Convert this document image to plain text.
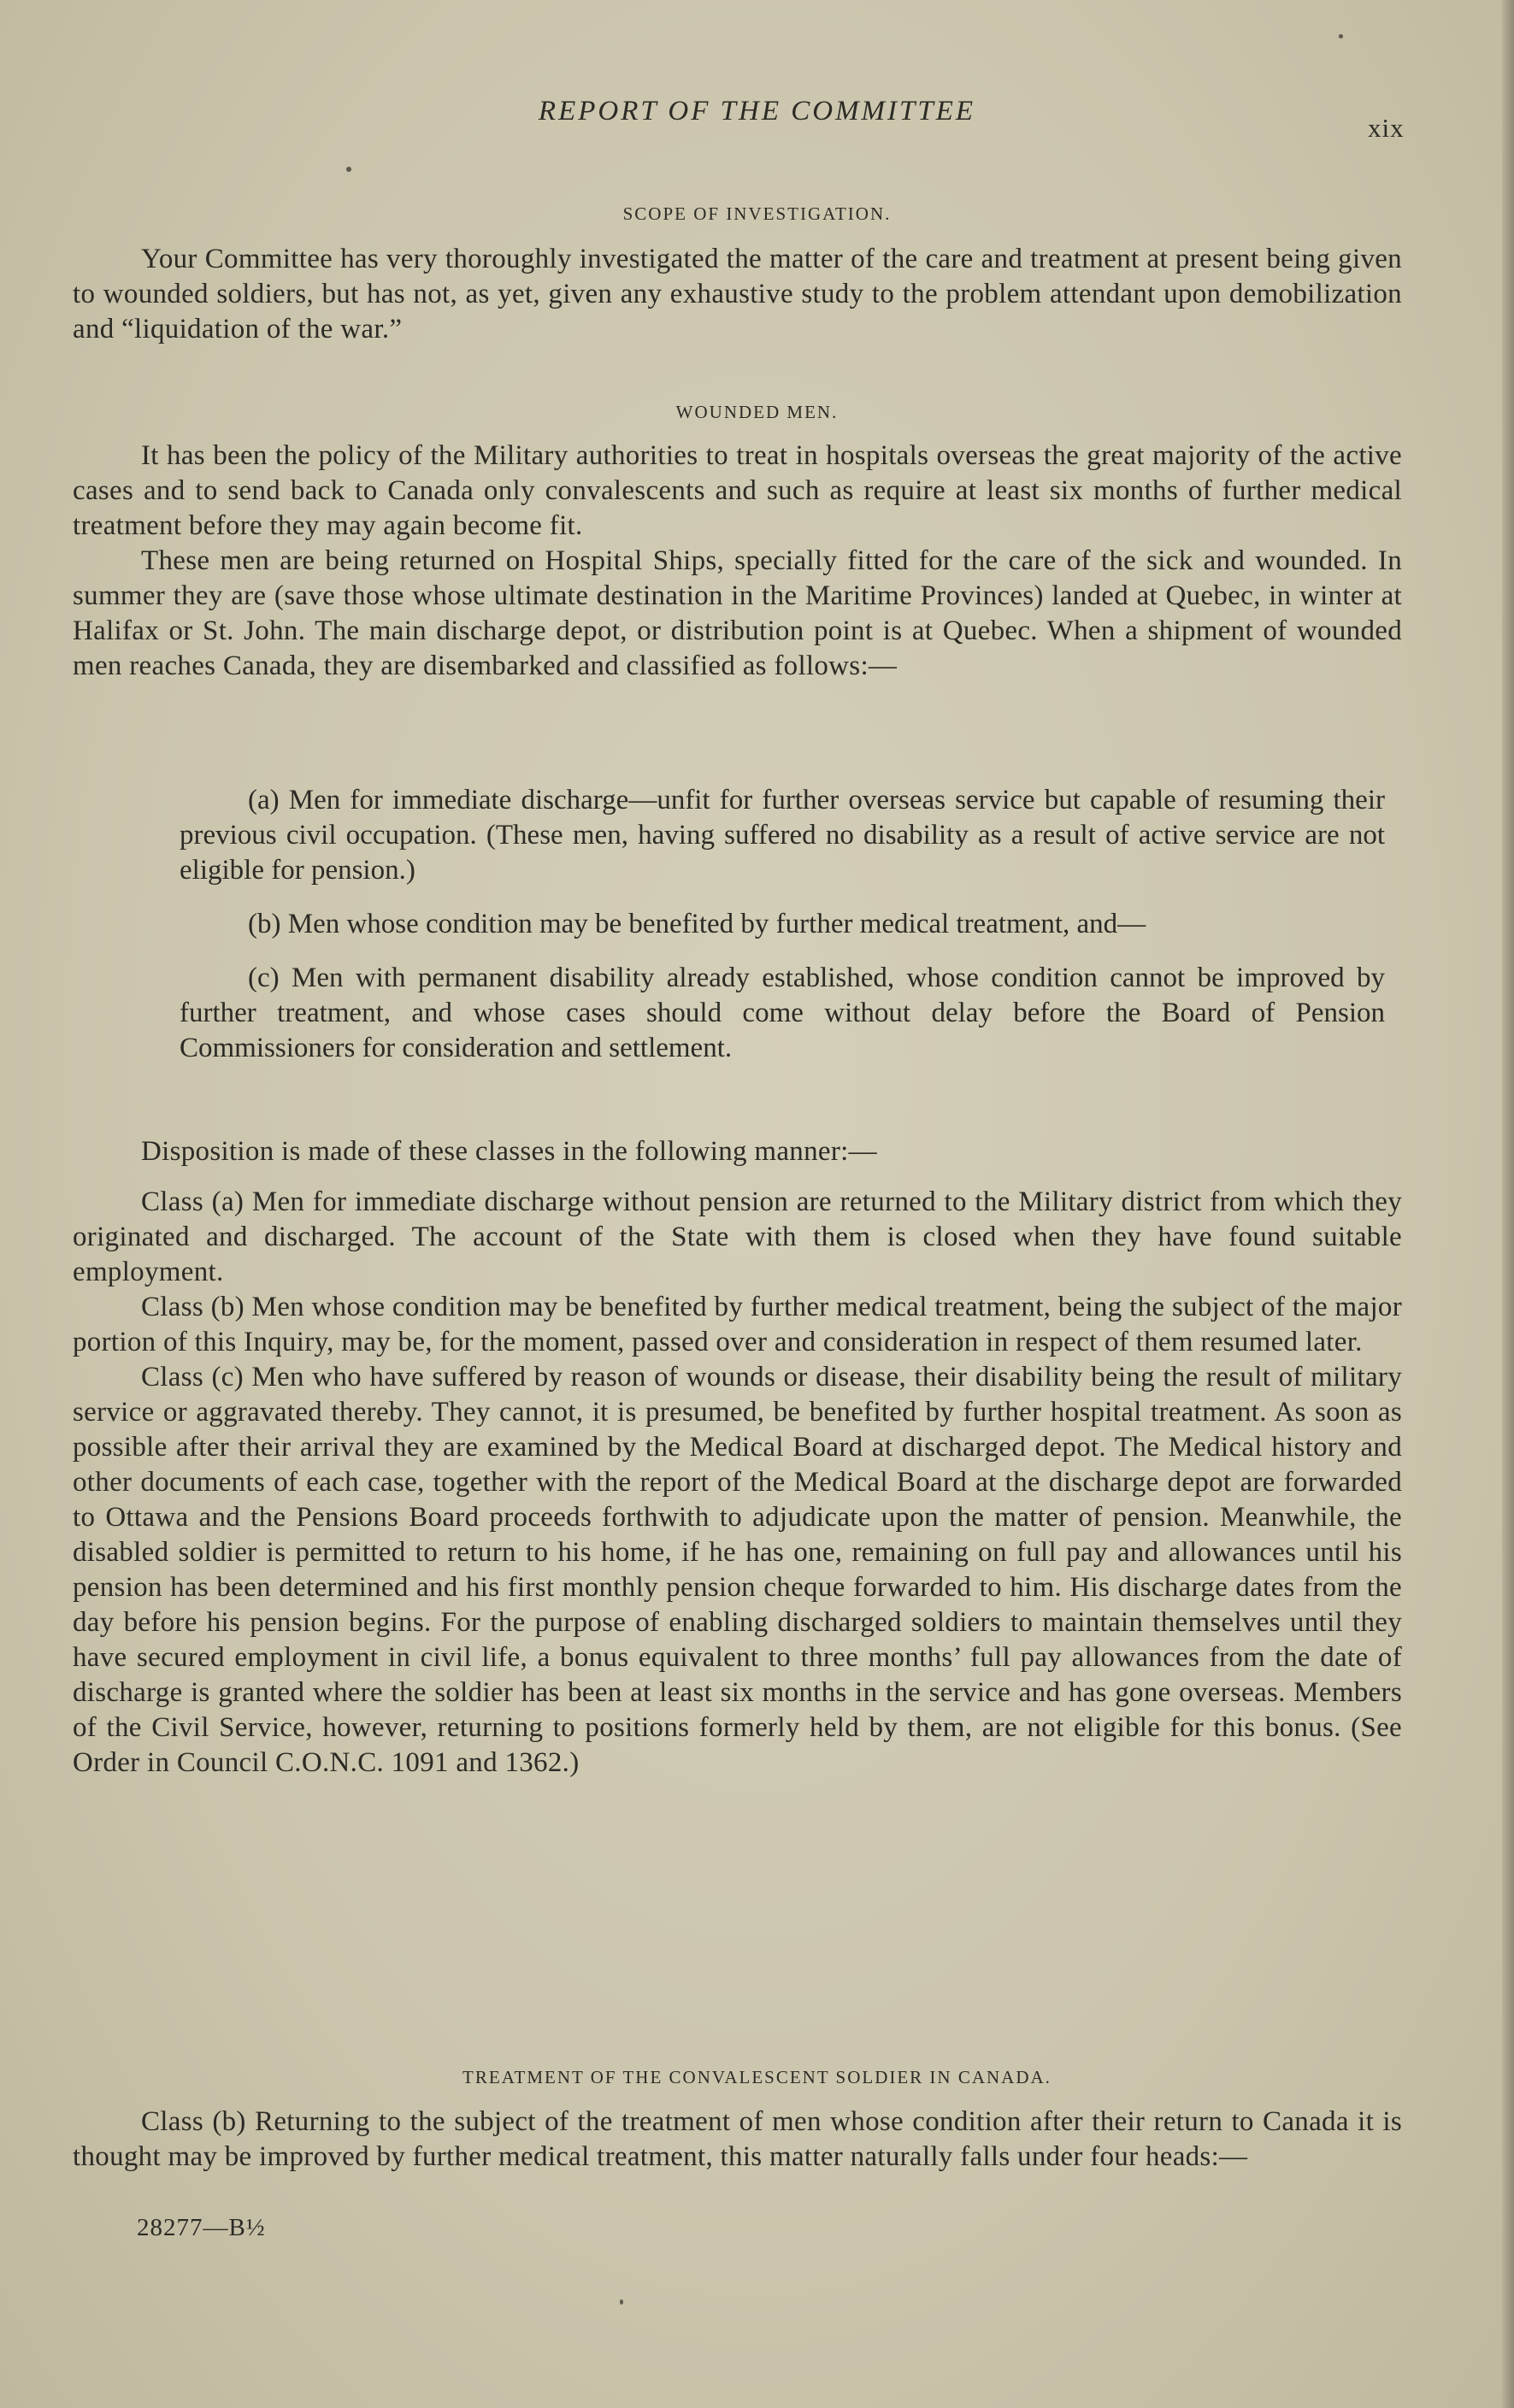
REPORT OF THE COMMITTEE
xix
SCOPE OF INVESTIGATION.

Your Committee has very thoroughly investigated the matter of the care and treatment at present being given to wounded soldiers, but has not, as yet, given any exhaustive study to the problem attendant upon demobilization and “liquidation of the war.”

WOUNDED MEN.

It has been the policy of the Military authorities to treat in hospitals overseas the great majority of the active cases and to send back to Canada only convalescents and such as require at least six months of further medical treatment before they may again become fit.

These men are being returned on Hospital Ships, specially fitted for the care of the sick and wounded. In summer they are (save those whose ultimate destination in the Maritime Provinces) landed at Quebec, in winter at Halifax or St. John. The main discharge depot, or distribution point is at Quebec. When a shipment of wounded men reaches Canada, they are disembarked and classified as follows:—

(a) Men for immediate discharge—unfit for further overseas service but capable of resuming their previous civil occupation. (These men, having suffered no disability as a result of active service are not eligible for pension.)

(b) Men whose condition may be benefited by further medical treatment, and—

(c) Men with permanent disability already established, whose condition cannot be improved by further treatment, and whose cases should come without delay before the Board of Pension Commissioners for consideration and settlement.

Disposition is made of these classes in the following manner:—

Class (a) Men for immediate discharge without pension are returned to the Military district from which they originated and discharged. The account of the State with them is closed when they have found suitable employment.

Class (b) Men whose condition may be benefited by further medical treatment, being the subject of the major portion of this Inquiry, may be, for the moment, passed over and consideration in respect of them resumed later.

Class (c) Men who have suffered by reason of wounds or disease, their disability being the result of military service or aggravated thereby. They cannot, it is presumed, be benefited by further hospital treatment. As soon as possible after their arrival they are examined by the Medical Board at discharged depot. The Medical history and other documents of each case, together with the report of the Medical Board at the discharge depot are forwarded to Ottawa and the Pensions Board proceeds forthwith to adjudicate upon the matter of pension. Meanwhile, the disabled soldier is permitted to return to his home, if he has one, remaining on full pay and allowances until his pension has been determined and his first monthly pension cheque forwarded to him. His discharge dates from the day before his pension begins. For the purpose of enabling discharged soldiers to maintain themselves until they have secured employment in civil life, a bonus equivalent to three months’ full pay allowances from the date of discharge is granted where the soldier has been at least six months in the service and has gone overseas. Members of the Civil Service, however, returning to positions formerly held by them, are not eligible for this bonus. (See Order in Council C.O.N.C. 1091 and 1362.)

TREATMENT OF THE CONVALESCENT SOLDIER IN CANADA.

Class (b) Returning to the subject of the treatment of men whose condition after their return to Canada it is thought may be improved by further medical treatment, this matter naturally falls under four heads:—

28277—B½
